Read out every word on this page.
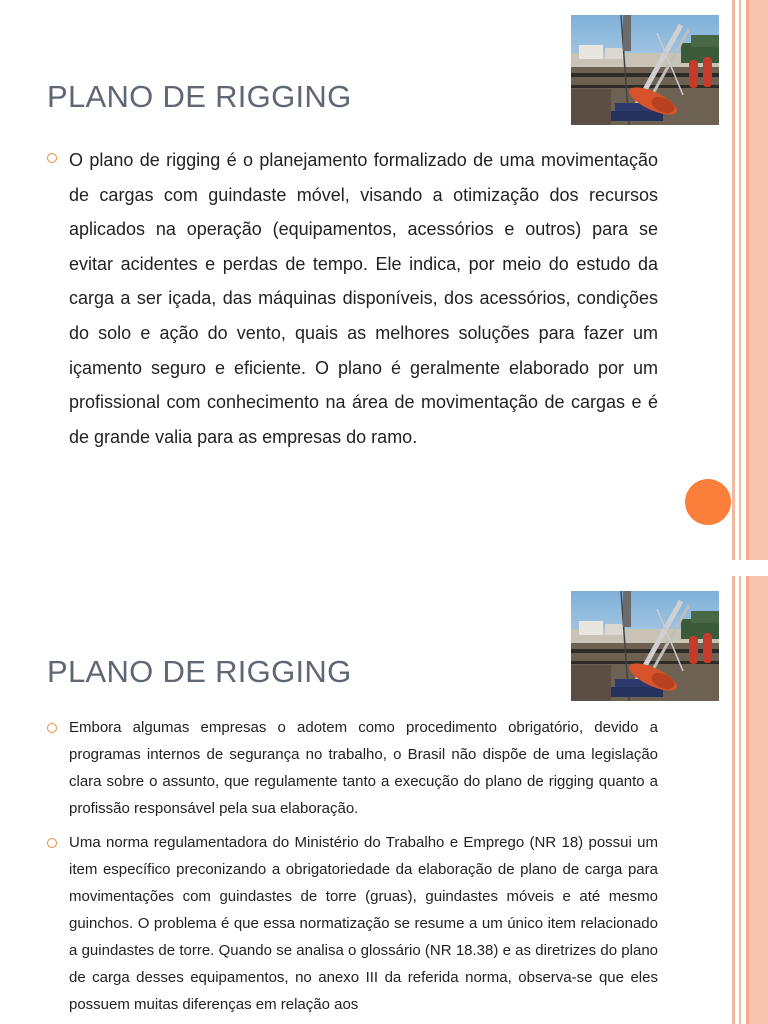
PLANO DE RIGGING
O plano de rigging é o planejamento formalizado de uma movimentação de cargas com guindaste móvel, visando a otimização dos recursos aplicados na operação (equipamentos, acessórios e outros) para se evitar acidentes e perdas de tempo. Ele indica, por meio do estudo da carga a ser içada, das máquinas disponíveis, dos acessórios, condições do solo e ação do vento, quais as melhores soluções para fazer um içamento seguro e eficiente. O plano é geralmente elaborado por um profissional com conhecimento na área de movimentação de cargas e é de grande valia para as empresas do ramo.
PLANO DE RIGGING
Embora algumas empresas o adotem como procedimento obrigatório, devido a programas internos de segurança no trabalho, o Brasil não dispõe de uma legislação clara sobre o assunto, que regulamente tanto a execução do plano de rigging quanto a profissão responsável pela sua elaboração.
Uma norma regulamentadora do Ministério do Trabalho e Emprego (NR 18) possui um item específico preconizando a obrigatoriedade da elaboração de plano de carga para movimentações com guindastes de torre (gruas), guindastes móveis e até mesmo guinchos. O problema é que essa normatização se resume a um único item relacionado a guindastes de torre. Quando se analisa o glossário (NR 18.38) e as diretrizes do plano de carga desses equipamentos, no anexo III da referida norma, observa-se que eles possuem muitas diferenças em relação aos
